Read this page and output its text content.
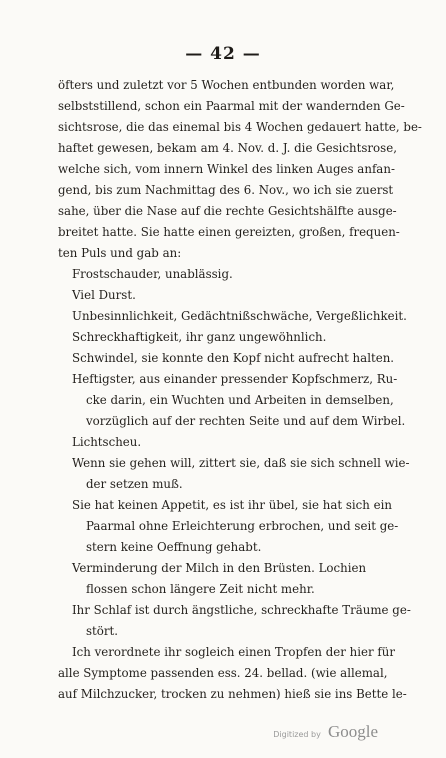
— 42 —
öfters und zuletzt vor 5 Wochen entbunden worden war,
selbststillend, schon ein Paarmal mit der wandernden Ge-
sichtsrose, die das einemal bis 4 Wochen gedauert hatte, be-
haftet gewesen, bekam am 4. Nov. d. J. die Gesichtsrose,
welche sich, vom innern Winkel des linken Auges anfan-
gend, bis zum Nachmittag des 6. Nov., wo ich sie zuerst
sahe, über die Nase auf die rechte Gesichtshälfte ausge-
breitet hatte. Sie hatte einen gereizten, großen, frequen-
ten Puls und gab an:
Frostschauder, unablässig.
Viel Durst.
Unbesinnlichkeit, Gedächtnißschwäche, Vergeßlichkeit.
Schreckhaftigkeit, ihr ganz ungewöhnlich.
Schwindel, sie konnte den Kopf nicht aufrecht halten.
Heftigster, aus einander pressender Kopfschmerz, Ru-
cke darin, ein Wuchten und Arbeiten in demselben,
vorzüglich auf der rechten Seite und auf dem Wirbel.
Lichtscheu.
Wenn sie gehen will, zittert sie, daß sie sich schnell wie-
der setzen muß.
Sie hat keinen Appetit, es ist ihr übel, sie hat sich ein
Paarmal ohne Erleichterung erbrochen, und seit ge-
stern keine Oeffnung gehabt.
Verminderung der Milch in den Brüsten. Lochien
flossen schon längere Zeit nicht mehr.
Ihr Schlaf ist durch ängstliche, schreckhafte Träume ge-
stört.
Ich verordnete ihr sogleich einen Tropfen der hier für
alle Symptome passenden ess. 24. bellad. (wie allemal,
auf Milchzucker, trocken zu nehmen) hieß sie ins Bette le-
Digitized by Google
